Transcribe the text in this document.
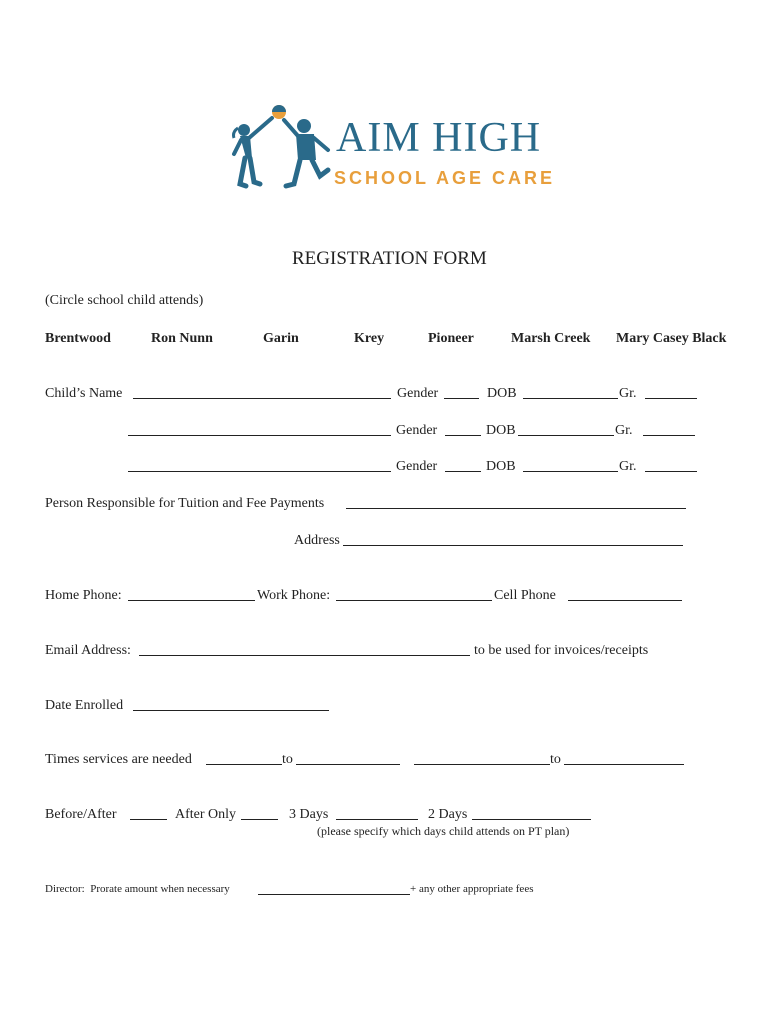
AIM HIGH
SCHOOL AGE CARE
REGISTRATION FORM
(Circle school child attends)
Brentwood	Ron Nunn	Garin	Krey	Pioneer	Marsh Creek Mary Casey Black
Child’s Name	Gender	DOB	Gr.
Gender	DOB	Gr.
Gender	DOB	Gr.
Person Responsible for Tuition and Fee Payments
Address
Home Phone:	Work Phone:	Cell Phone
Email Address:	to be used for invoices/receipts
Date Enrolled
Times services are needed	to	to
Before/After	After Only	3 Days	2 Days
(please specify which days child attends on PT plan)
Director:  Prorate amount when necessary	+ any other appropriate fees
